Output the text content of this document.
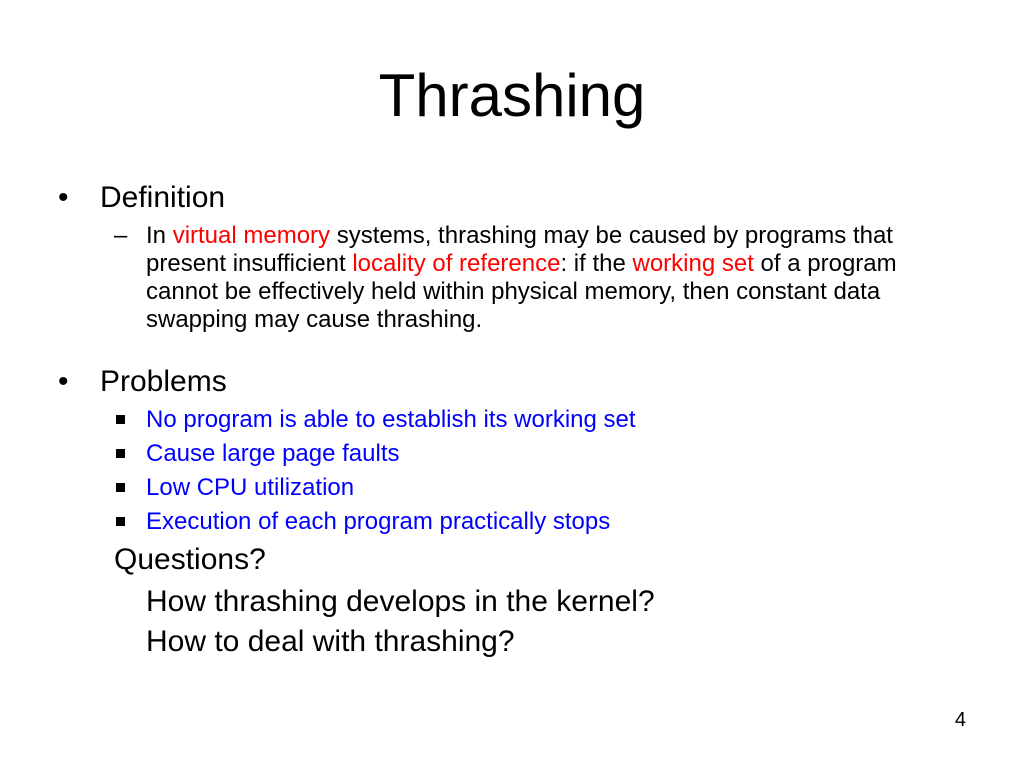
Thrashing
•	Definition
– In virtual memory systems, thrashing may be caused by programs that present insufficient locality of reference: if the working set of a program cannot be effectively held within physical memory, then constant data swapping may cause thrashing.
•	Problems
No program is able to establish its working set
Cause large page faults
Low CPU utilization
Execution of each program practically stops
Questions?
How thrashing develops in the kernel?
How to deal with thrashing?
4
